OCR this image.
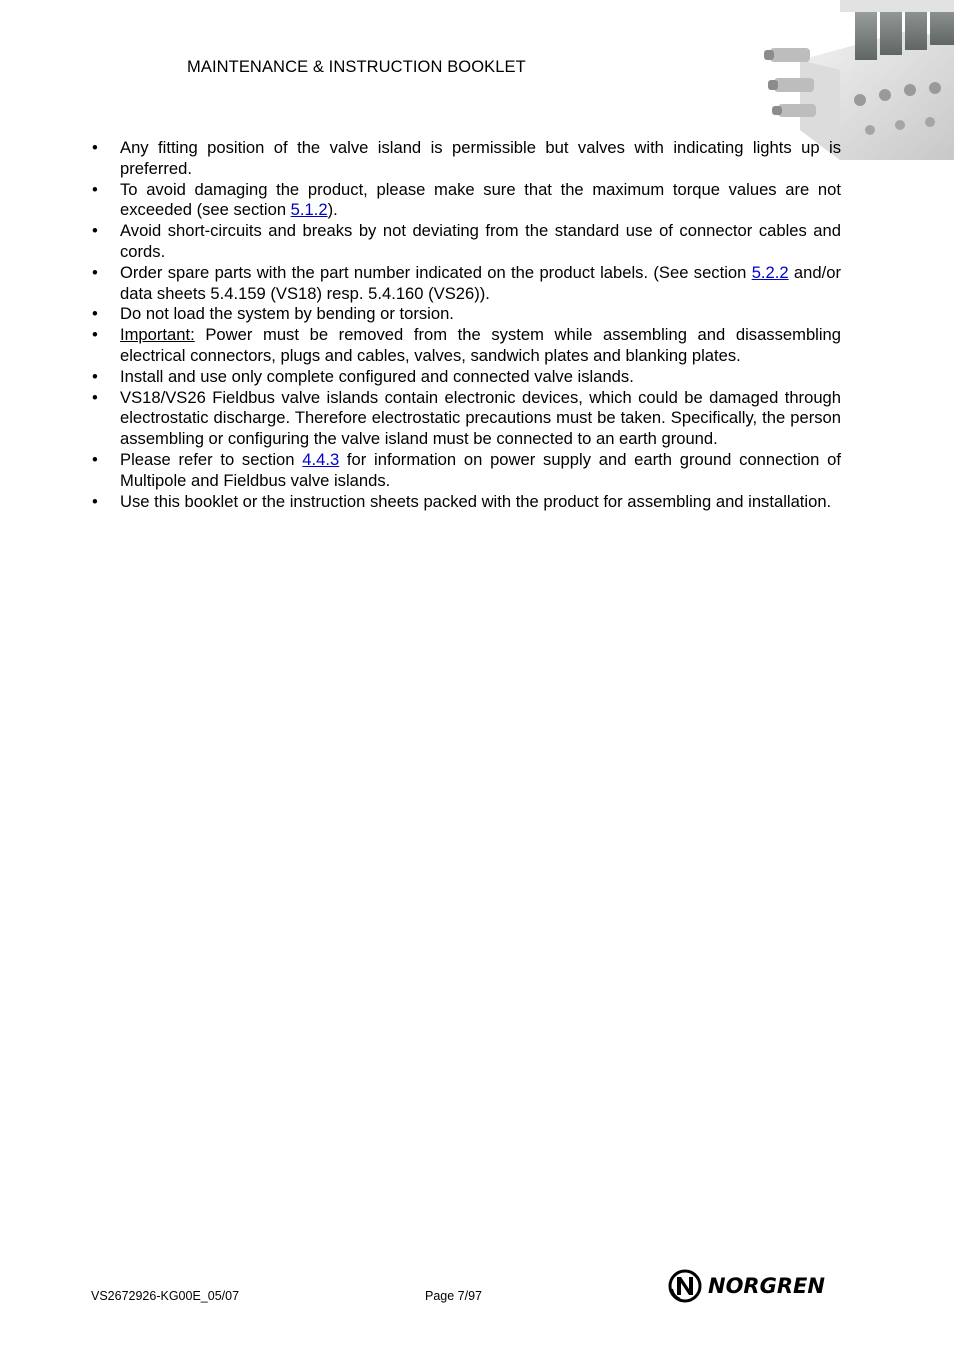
MAINTENANCE & INSTRUCTION BOOKLET
• Any fitting position of the valve island is permissible but valves with indicating lights up is preferred.
• To avoid damaging the product, please make sure that the maximum torque values are not exceeded (see section 5.1.2).
• Avoid short-circuits and breaks by not deviating from the standard use of connector cables and cords.
• Order spare parts with the part number indicated on the product labels. (See section 5.2.2 and/or data sheets 5.4.159 (VS18) resp. 5.4.160 (VS26)).
• Do not load the system by bending or torsion.
• Important: Power must be removed from the system while assembling and disassembling electrical connectors, plugs and cables, valves, sandwich plates and blanking plates.
• Install and use only complete configured and connected valve islands.
• VS18/VS26 Fieldbus valve islands contain electronic devices, which could be damaged through electrostatic discharge. Therefore electrostatic precautions must be taken. Specifically, the person assembling or configuring the valve island must be connected to an earth ground.
• Please refer to section 4.4.3 for information on power supply and earth ground connection of Multipole and Fieldbus valve islands.
• Use this booklet or the instruction sheets packed with the product for assembling and installation.
VS2672926-KG00E_05/07	Page 7/97	NORGREN
